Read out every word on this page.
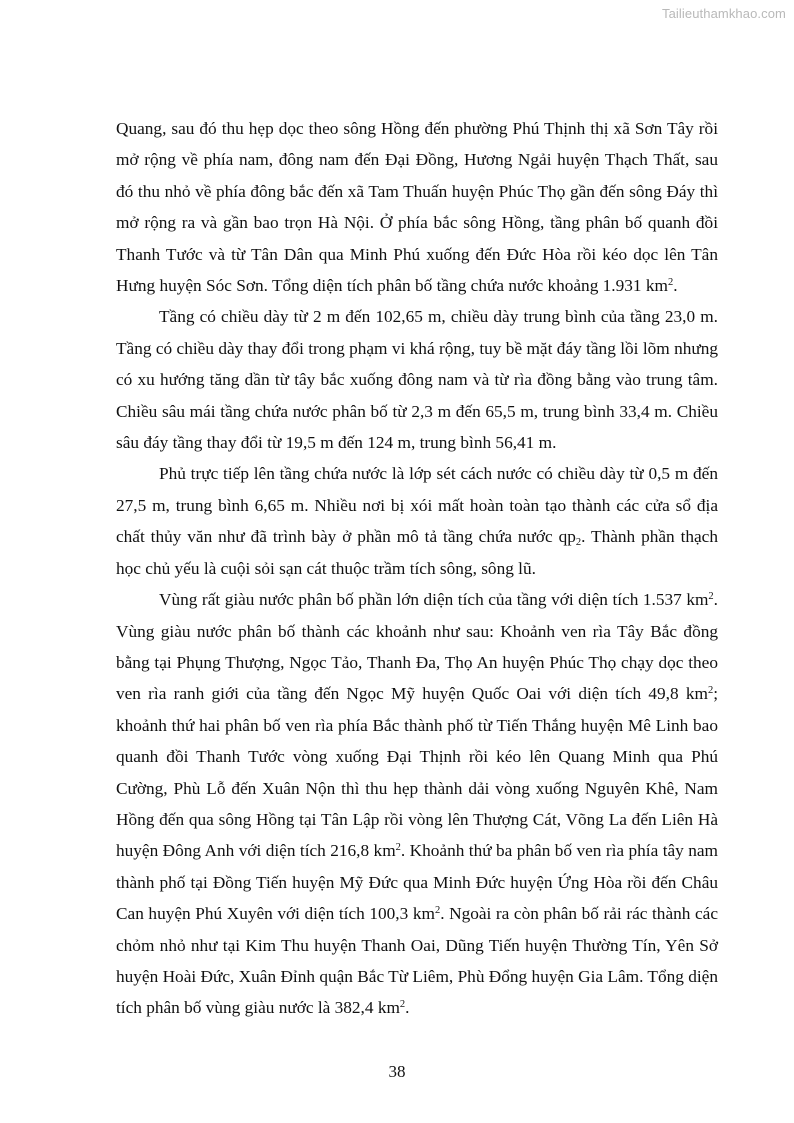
Tailieuthamkhao.com

Quang, sau đó thu hẹp dọc theo sông Hồng đến phường Phú Thịnh thị xã Sơn Tây rồi
mở rộng về phía nam, đông nam đến Đại Đồng, Hương Ngải huyện Thạch Thất, sau
đó thu nhỏ về phía đông bắc đến xã Tam Thuấn huyện Phúc Thọ gần đến sông Đáy thì
mở rộng ra và gần bao trọn Hà Nội. Ở phía bắc sông Hồng, tầng phân bố quanh đồi
Thanh Tước và từ Tân Dân qua Minh Phú xuống đến Đức Hòa rồi kéo dọc lên Tân
Hưng huyện Sóc Sơn. Tổng diện tích phân bố tầng chứa nước khoảng 1.931 $km^2$.

Tầng có chiều dày từ 2 m đến 102,65 m, chiều dày trung bình của tầng 23,0 m.
Tầng có chiều dày thay đổi trong phạm vi khá rộng, tuy bề mặt đáy tầng lồi lõm nhưng
có xu hướng tăng dần từ tây bắc xuống đông nam và từ rìa đồng bằng vào trung tâm.
Chiều sâu mái tầng chứa nước phân bố từ 2,3 m đến 65,5 m, trung bình 33,4 m. Chiều
sâu đáy tầng thay đổi từ 19,5 m đến 124 m, trung bình 56,41 m.

Phủ trực tiếp lên tầng chứa nước là lớp sét cách nước có chiều dày từ 0,5 m đến
27,5 m, trung bình 6,65 m. Nhiều nơi bị xói mất hoàn toàn tạo thành các cửa sổ địa
chất thủy văn như đã trình bày ở phần mô tả tầng chứa nước $qp_2$. Thành phần thạch
học chủ yếu là cuội sỏi sạn cát thuộc trầm tích sông, sông lũ.

Vùng rất giàu nước phân bố phần lớn diện tích của tầng với diện tích 1.537 $km^2$.
Vùng giàu nước phân bố thành các khoảnh như sau: Khoảnh ven rìa Tây Bắc đồng
bằng tại Phụng Thượng, Ngọc Tảo, Thanh Đa, Thọ An huyện Phúc Thọ chạy dọc theo
ven rìa ranh giới của tầng đến Ngọc Mỹ huyện Quốc Oai với diện tích 49,8 $km^2$;
khoảnh thứ hai phân bố ven rìa phía Bắc thành phố từ Tiến Thắng huyện Mê Linh bao
quanh đồi Thanh Tước vòng xuống Đại Thịnh rồi kéo lên Quang Minh qua Phú
Cường, Phù Lỗ đến Xuân Nộn thì thu hẹp thành dải vòng xuống Nguyên Khê, Nam
Hồng đến qua sông Hồng tại Tân Lập rồi vòng lên Thượng Cát, Võng La đến Liên Hà
huyện Đông Anh với diện tích 216,8 $km^2$. Khoảnh thứ ba phân bố ven rìa phía tây nam
thành phố tại Đồng Tiến huyện Mỹ Đức qua Minh Đức huyện Ứng Hòa rồi đến Châu
Can huyện Phú Xuyên với diện tích 100,3 $km^2$. Ngoài ra còn phân bố rải rác thành các
chỏm nhỏ như tại Kim Thu huyện Thanh Oai, Dũng Tiến huyện Thường Tín, Yên Sở
huyện Hoài Đức, Xuân Đỉnh quận Bắc Từ Liêm, Phù Đổng huyện Gia Lâm. Tổng diện
tích phân bố vùng giàu nước là 382,4 $km^2$.

38
